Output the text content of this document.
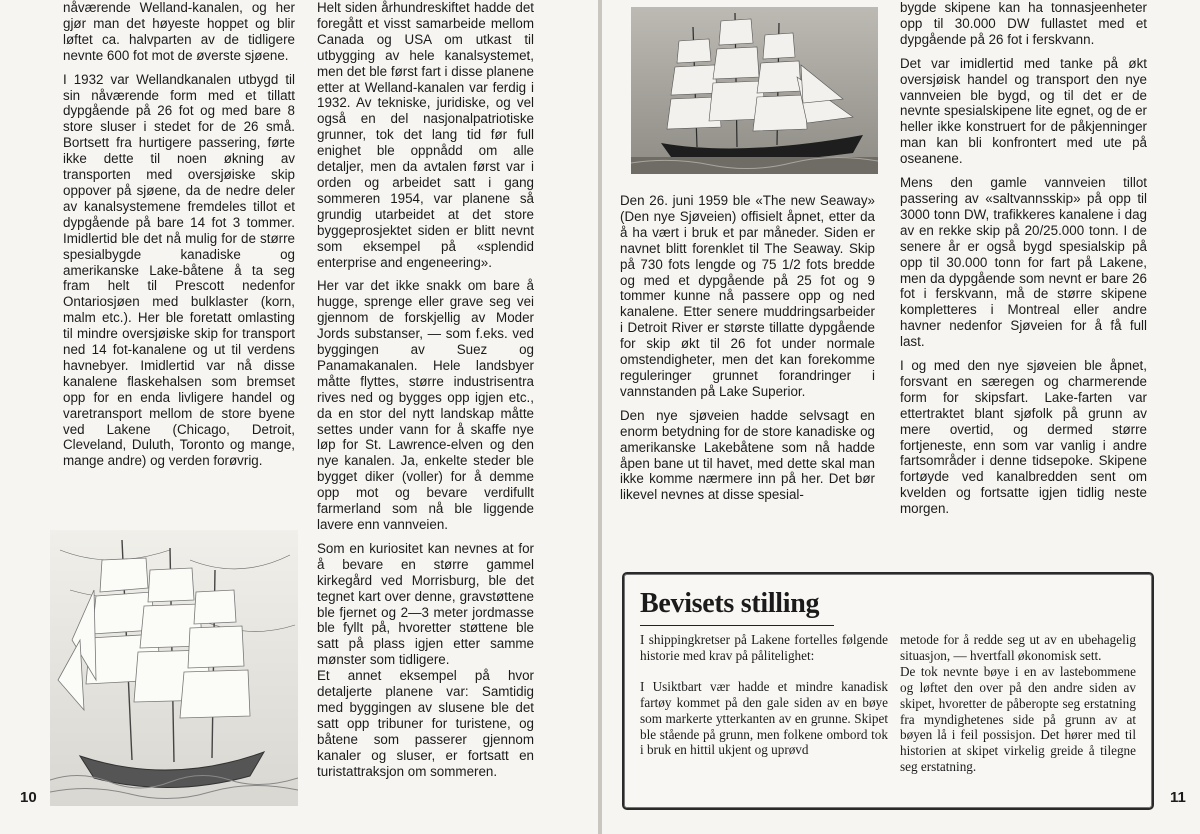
nåværende Welland-kanalen, og her gjør man det høyeste hoppet og blir løftet ca. halvparten av de tidligere nevnte 600 fot mot de øverste sjøene.

I 1932 var Wellandkanalen utbygd til sin nåværende form med et tillatt dypgående på 26 fot og med bare 8 store sluser i stedet for de 26 små. Bortsett fra hurtigere passering, førte ikke dette til noen økning av transporten med oversjøiske skip oppover på sjøene, da de nedre deler av kanalsystemene fremdeles tillot et dypgående på bare 14 fot 3 tommer. Imidlertid ble det nå mulig for de større spesialbygde kanadiske og amerikanske Lake-båtene å ta seg fram helt til Prescott nedenfor Ontariosjøen med bulklaster (korn, malm etc.). Her ble foretatt omlasting til mindre oversjøiske skip for transport ned 14 fot-kanalene og ut til verdens havnebyer. Imidlertid var nå disse kanalene flaskehalsen som bremset opp for en enda livligere handel og varetransport mellom de store byene ved Lakene (Chicago, Detroit, Cleveland, Duluth, Toronto og mange, mange andre) og verden forøvrig.

Helt siden århundreskiftet hadde det foregått et visst samarbeide mellom Canada og USA om utkast til utbygging av hele kanalsystemet, men det ble først fart i disse planene etter at Welland-kanalen var ferdig i 1932. Av tekniske, juridiske, og vel også en del nasjonalpatriotiske grunner, tok det lang tid før full enighet ble oppnådd om alle detaljer, men da avtalen først var i orden og arbeidet satt i gang sommeren 1954, var planene så grundig utarbeidet at det store byggeprosjektet siden er blitt nevnt som eksempel på «splendid enterprise and engeneering».

Her var det ikke snakk om bare å hugge, sprenge eller grave seg vei gjennom de forskjellig av Moder Jords substanser, — som f.eks. ved byggingen av Suez og Panamakanalen. Hele landsbyer måtte flyttes, større industrisentra rives ned og bygges opp igjen etc., da en stor del nytt landskap måtte settes under vann for å skaffe nye løp for St. Lawrence-elven og den nye kanalen. Ja, enkelte steder ble bygget diker (voller) for å demme opp mot og bevare verdifullt farmerland som nå ble liggende lavere enn vannveien.

Som en kuriositet kan nevnes at for å bevare en større gammel kirkegård ved Morrisburg, ble det tegnet kart over denne, gravstøttene ble fjernet og 2—3 meter jordmasse ble fyllt på, hvoretter støttene ble satt på plass igjen etter samme mønster som tidligere.

Et annet eksempel på hvor detaljerte planene var: Samtidig med byggingen av slusene ble det satt opp tribuner for turistene, og båtene som passerer gjennom kanaler og sluser, er fortsatt en turistattraksjon om sommeren.

10

Den 26. juni 1959 ble «The new Seaway» (Den nye Sjøveien) offisielt åpnet, etter da å ha vært i bruk et par måneder. Siden er navnet blitt forenklet til The Seaway. Skip på 730 fots lengde og 75 1/2 fots bredde og med et dypgående på 25 fot og 9 tommer kunne nå passere opp og ned kanalene. Etter senere muddringsarbeider i Detroit River er største tillatte dypgående for skip økt til 26 fot under normale omstendigheter, men det kan forekomme reguleringer grunnet forandringer i vannstanden på Lake Superior.

Den nye sjøveien hadde selvsagt en enorm betydning for de store kanadiske og amerikanske Lakebåtene som nå hadde åpen bane ut til havet, med dette skal man ikke komme nærmere inn på her. Det bør likevel nevnes at disse spesial-

bygde skipene kan ha tonnasjeenheter opp til 30.000 DW fullastet med et dypgående på 26 fot i ferskvann.

Det var imidlertid med tanke på økt oversjøisk handel og transport den nye vannveien ble bygd, og til det er de nevnte spesialskipene lite egnet, og de er heller ikke konstruert for de påkjenninger man kan bli konfrontert med ute på oseanene.

Mens den gamle vannveien tillot passering av «saltvannsskip» på opp til 3000 tonn DW, trafikkeres kanalene i dag av en rekke skip på 20/25.000 tonn. I de senere år er også bygd spesialskip på opp til 30.000 tonn for fart på Lakene, men da dypgående som nevnt er bare 26 fot i ferskvann, må de større skipene kompletteres i Montreal eller andre havner nedenfor Sjøveien for å få full last.

I og med den nye sjøveien ble åpnet, forsvant en særegen og charmerende form for skipsfart. Lake-farten var ettertraktet blant sjøfolk på grunn av mere overtid, og dermed større fortjeneste, enn som var vanlig i andre fartsområder i denne tidsepoke. Skipene fortøyde ved kanalbredden sent om kvelden og fortsatte igjen tidlig neste morgen.

Bevisets stilling

I shippingkretser på Lakene fortelles følgende historie med krav på pålitelighet:

I Usiktbart vær hadde et mindre kanadisk fartøy kommet på den gale siden av en bøye som markerte ytterkanten av en grunne. Skipet ble stående på grunn, men folkene ombord tok i bruk en hittil ukjent og uprøvd

metode for å redde seg ut av en ubehagelig situasjon, — hvertfall økonomisk sett.

De tok nevnte bøye i en av lastebommene og løftet den over på den andre siden av skipet, hvoretter de påberopte seg erstatning fra myndighetenes side på grunn av at bøyen lå i feil possisjon. Det hører med til historien at skipet virkelig greide å tilegne seg erstatning.

11
